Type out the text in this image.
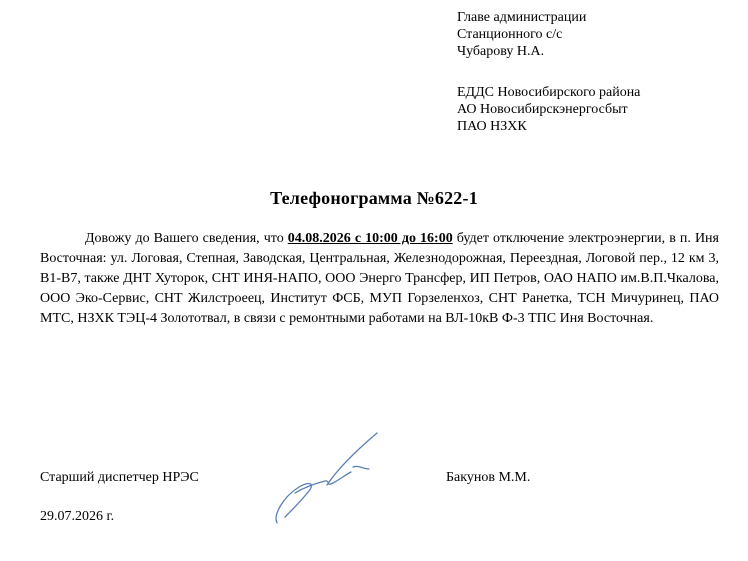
Главе администрации
Станционного с/с
Чубарову Н.А.
ЕДДС Новосибирского района
АО Новосибирскэнергосбыт
ПАО НЗХК
Телефонограмма №622-1
Довожу до Вашего сведения, что 04.08.2026 с 10:00 до 16:00 будет отключение электроэнергии, в п. Иня Восточная: ул. Логовая, Степная, Заводская, Центральная, Железнодорожная, Переездная, Логовой пер., 12 км 3, В1-В7, также ДНТ Хуторок, СНТ ИНЯ-НАПО, ООО Энерго Трансфер, ИП Петров, ОАО НАПО им.В.П.Чкалова, ООО Эко-Сервис, СНТ Жилстроеец, Институт ФСБ, МУП Горзеленхоз, СНТ Ранетка, ТСН Мичуринец, ПАО МТС, НЗХК ТЭЦ-4 Золототвал, в связи с ремонтными работами на ВЛ-10кВ Ф-3 ТПС Иня Восточная.
Старший диспетчер НРЭС	Бакунов М.М.
29.07.2026 г.
